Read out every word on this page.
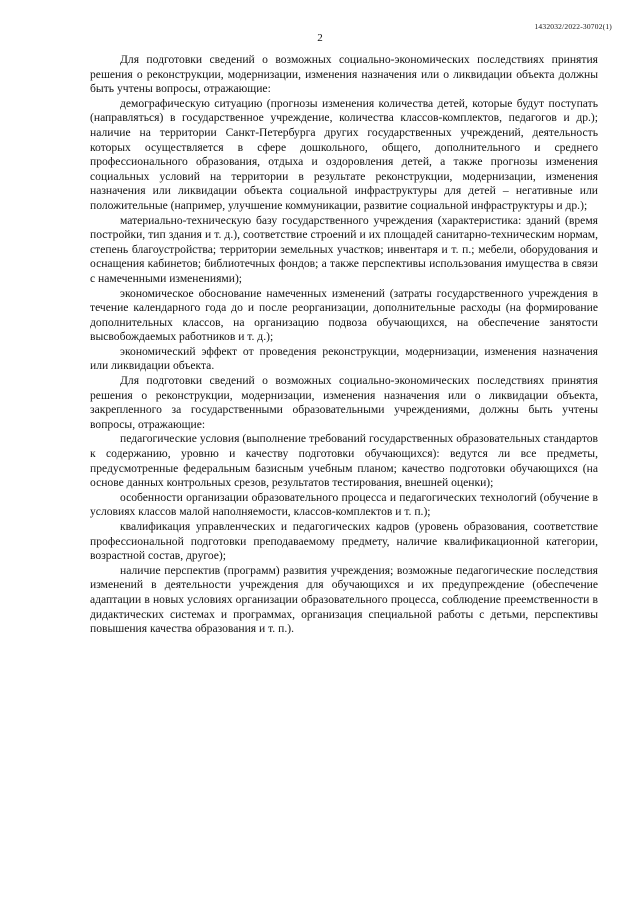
1432032/2022-30702(1)
2

Для подготовки сведений о возможных социально-экономических последствиях принятия решения о реконструкции, модернизации, изменения назначения или о ликвидации объекта должны быть учтены вопросы, отражающие:

демографическую ситуацию (прогнозы изменения количества детей, которые будут поступать (направляться) в государственное учреждение, количества классов-комплектов, педагогов и др.); наличие на территории Санкт-Петербурга других государственных учреждений, деятельность которых осуществляется в сфере дошкольного, общего, дополнительного и среднего профессионального образования, отдыха и оздоровления детей, а также прогнозы изменения социальных условий на территории в результате реконструкции, модернизации, изменения назначения или ликвидации объекта социальной инфраструктуры для детей – негативные или положительные (например, улучшение коммуникации, развитие социальной инфраструктуры и др.);

материально-техническую базу государственного учреждения (характеристика: зданий (время постройки, тип здания и т. д.), соответствие строений и их площадей санитарно-техническим нормам, степень благоустройства; территории земельных участков; инвентаря и т. п.; мебели, оборудования и оснащения кабинетов; библиотечных фондов; а также перспективы использования имущества в связи с намеченными изменениями);

экономическое обоснование намеченных изменений (затраты государственного учреждения в течение календарного года до и после реорганизации, дополнительные расходы (на формирование дополнительных классов, на организацию подвоза обучающихся, на обеспечение занятости высвобождаемых работников и т. д.);

экономический эффект от проведения реконструкции, модернизации, изменения назначения или ликвидации объекта.

Для подготовки сведений о возможных социально-экономических последствиях принятия решения о реконструкции, модернизации, изменения назначения или о ликвидации объекта, закрепленного за государственными образовательными учреждениями, должны быть учтены вопросы, отражающие:

педагогические условия (выполнение требований государственных образовательных стандартов к содержанию, уровню и качеству подготовки обучающихся): ведутся ли все предметы, предусмотренные федеральным базисным учебным планом; качество подготовки обучающихся (на основе данных контрольных срезов, результатов тестирования, внешней оценки);

особенности организации образовательного процесса и педагогических технологий (обучение в условиях классов малой наполняемости, классов-комплектов и т. п.);

квалификация управленческих и педагогических кадров (уровень образования, соответствие профессиональной подготовки преподаваемому предмету, наличие квалификационной категории, возрастной состав, другое);

наличие перспектив (программ) развития учреждения; возможные педагогические последствия изменений в деятельности учреждения для обучающихся и их предупреждение (обеспечение адаптации в новых условиях организации образовательного процесса, соблюдение преемственности в дидактических системах и программах, организация специальной работы с детьми, перспективы повышения качества образования и т. п.).
